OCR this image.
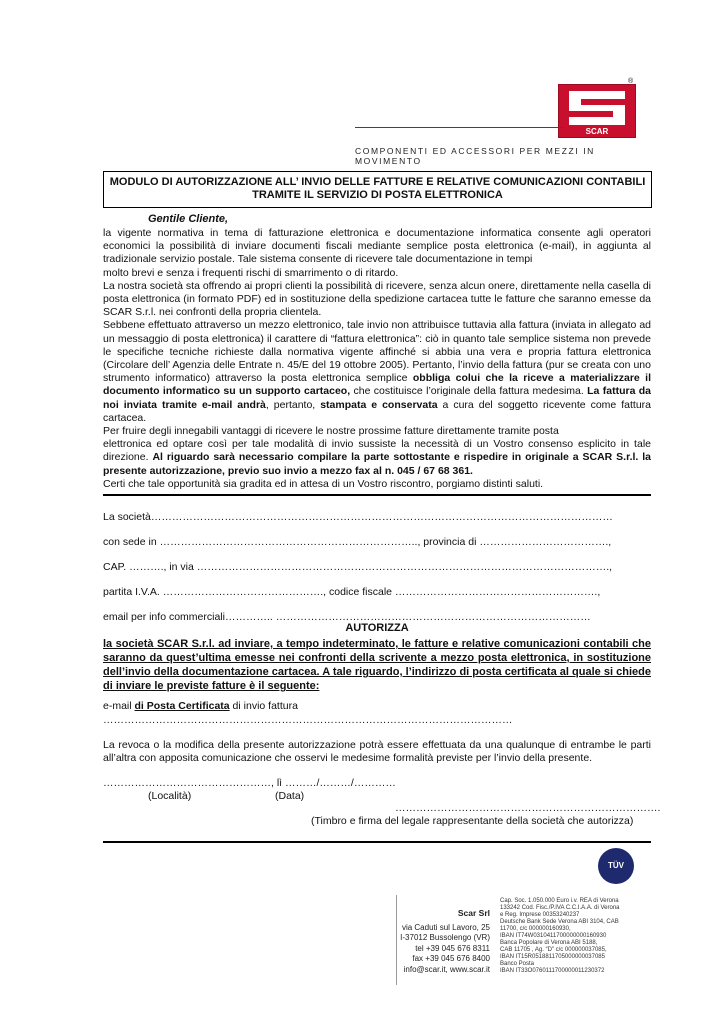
SCAR
®
COMPONENTI ED ACCESSORI PER MEZZI IN MOVIMENTO
MODULO DI AUTORIZZAZIONE ALL’ INVIO DELLE FATTURE E RELATIVE COMUNICAZIONI CONTABILI
TRAMITE IL SERVIZIO DI POSTA ELETTRONICA
Gentile Cliente,

la vigente normativa in tema di fatturazione elettronica e documentazione informatica consente agli operatori economici la possibilità di inviare documenti fiscali mediante semplice posta elettronica (e-mail), in aggiunta al tradizionale servizio postale. Tale sistema consente di ricevere tale documentazione in tempi

molto brevi e senza i frequenti rischi di smarrimento o di ritardo.

La nostra società sta offrendo ai propri clienti la possibilità di ricevere, senza alcun onere, direttamente nella casella di posta elettronica (in formato PDF) ed in sostituzione della spedizione cartacea tutte le fatture che saranno emesse da SCAR S.r.l. nei confronti della propria clientela.

Sebbene effettuato attraverso un mezzo elettronico, tale invio non attribuisce tuttavia alla fattura (inviata in allegato ad un messaggio di posta elettronica) il carattere di “fattura elettronica”: ciò in quanto tale semplice sistema non prevede le specifiche tecniche richieste dalla normativa vigente affinché si abbia una vera e propria fattura elettronica (Circolare dell’ Agenzia delle Entrate n. 45/E del 19 ottobre 2005). Pertanto, l’invio della fattura (pur se creata con uno strumento informatico) attraverso la posta elettronica semplice obbliga colui che la riceve a materializzare il documento informatico su un supporto cartaceo, che costituisce l’originale della fattura medesima. La fattura da noi inviata tramite e-mail andrà, pertanto, stampata e conservata a cura del soggetto ricevente come fattura cartacea.

Per fruire degli innegabili vantaggi di ricevere le nostre prossime fatture direttamente tramite posta

elettronica ed optare così per tale modalità di invio sussiste la necessità di un Vostro consenso esplicito in tale direzione. Al riguardo sarà necessario compilare la parte sottostante e rispedire in originale a SCAR S.r.l. la presente autorizzazione, previo suo invio a mezzo fax al n. 045 / 67 68 361.

Certi che tale opportunità sia gradita ed in attesa di un Vostro riscontro, porgiamo distinti saluti.

La società……………………………………………………………………………………………………………………
con sede in ……………………………………………………………….., provincia di ……………………………….,
CAP. ………., in via ……………………………………………………………………………………………………….,
partita I.V.A. ………………………………………., codice fiscale ………………………………………………….,
email per info commerciali………….. ………………………………………………………………………………
AUTORIZZA
la società SCAR S.r.l. ad inviare, a tempo indeterminato, le fatture e relative comunicazioni contabili che saranno da quest’ultima emesse nei confronti della scrivente a mezzo posta elettronica, in sostituzione dell’invio della documentazione cartacea. A tale riguardo, l’indirizzo di posta certificata al quale si chiede di inviare le previste fatture è il seguente:
e-mail di Posta Certificata di invio fattura
………………………………………………………………………………………………………
La revoca o la modifica della presente autorizzazione potrà essere effettuata da una qualunque di entrambe le parti all’altra con apposita comunicazione che osservi le medesime formalità previste per l’invio della presente.
…………………………………………, lì ………/………/…………
(Località)	(Data)
………………………………………………………………….
(Timbro e firma del legale rappresentante della società che autorizza)
TÜV
Scar Srl
via Caduti sul Lavoro, 25
I-37012 Bussolengo (VR)
tel +39 045 676 8311
fax +39 045 676 8400
info@scar.it, www.scar.it
Cap. Soc. 1.050.000 Euro i.v. REA di Verona
133242 Cod. Fisc./P.IVA C.C.I.A.A. di Verona
e Reg. Imprese 00353240237
Deutsche Bank Sede Verona ABI 3104, CAB
11700, c/c 000000160930,
IBAN IT74W0310411700000000160930
Banca Popolare di Verona ABI 5188,
CAB 11705 , Ag. “D” c/c 000000037085,
IBAN IT15R0518811705000000037085
Banco Posta
IBAN IT33O0760111700000011230372
